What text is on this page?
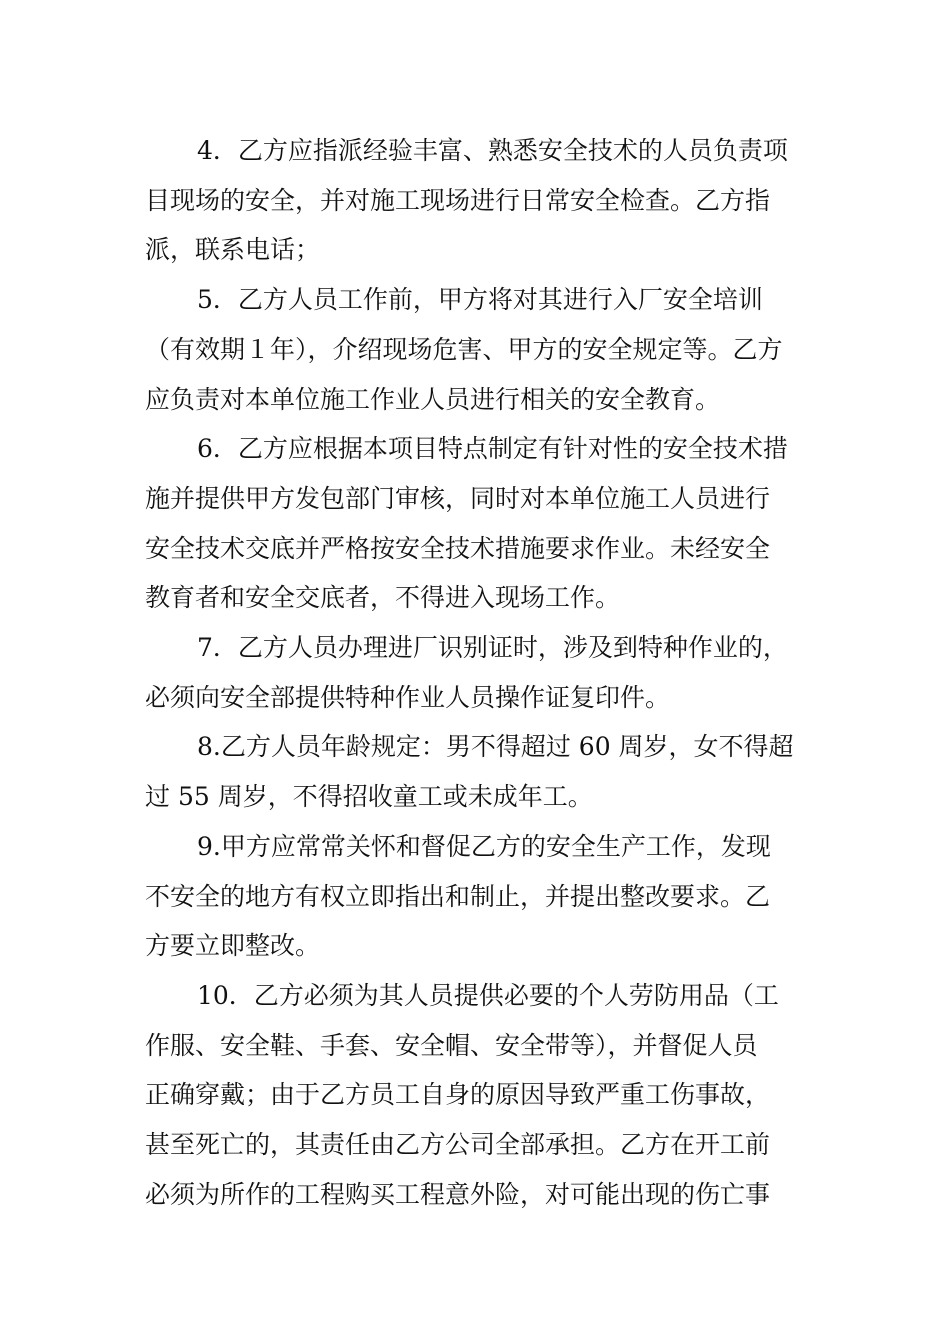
4．乙方应指派经验丰富、熟悉安全技术的人员负责项
目现场的安全，并对施工现场进行日常安全检查。乙方指
派，联系电话；

5．乙方人员工作前，甲方将对其进行入厂安全培训
（有效期１年），介绍现场危害、甲方的安全规定等。乙方
应负责对本单位施工作业人员进行相关的安全教育。

6．乙方应根据本项目特点制定有针对性的安全技术措
施并提供甲方发包部门审核，同时对本单位施工人员进行
安全技术交底并严格按安全技术措施要求作业。未经安全
教育者和安全交底者，不得进入现场工作。

7．乙方人员办理进厂识别证时，涉及到特种作业的，
必须向安全部提供特种作业人员操作证复印件。

8.乙方人员年龄规定：男不得超过 60 周岁，女不得超
过 55 周岁，不得招收童工或未成年工。

9.甲方应常常关怀和督促乙方的安全生产工作，发现
不安全的地方有权立即指出和制止，并提出整改要求。乙
方要立即整改。

10．乙方必须为其人员提供必要的个人劳防用品（工
作服、安全鞋、手套、安全帽、安全带等），并督促人员
正确穿戴；由于乙方员工自身的原因导致严重工伤事故，
甚至死亡的，其责任由乙方公司全部承担。乙方在开工前
必须为所作的工程购买工程意外险，对可能出现的伤亡事
